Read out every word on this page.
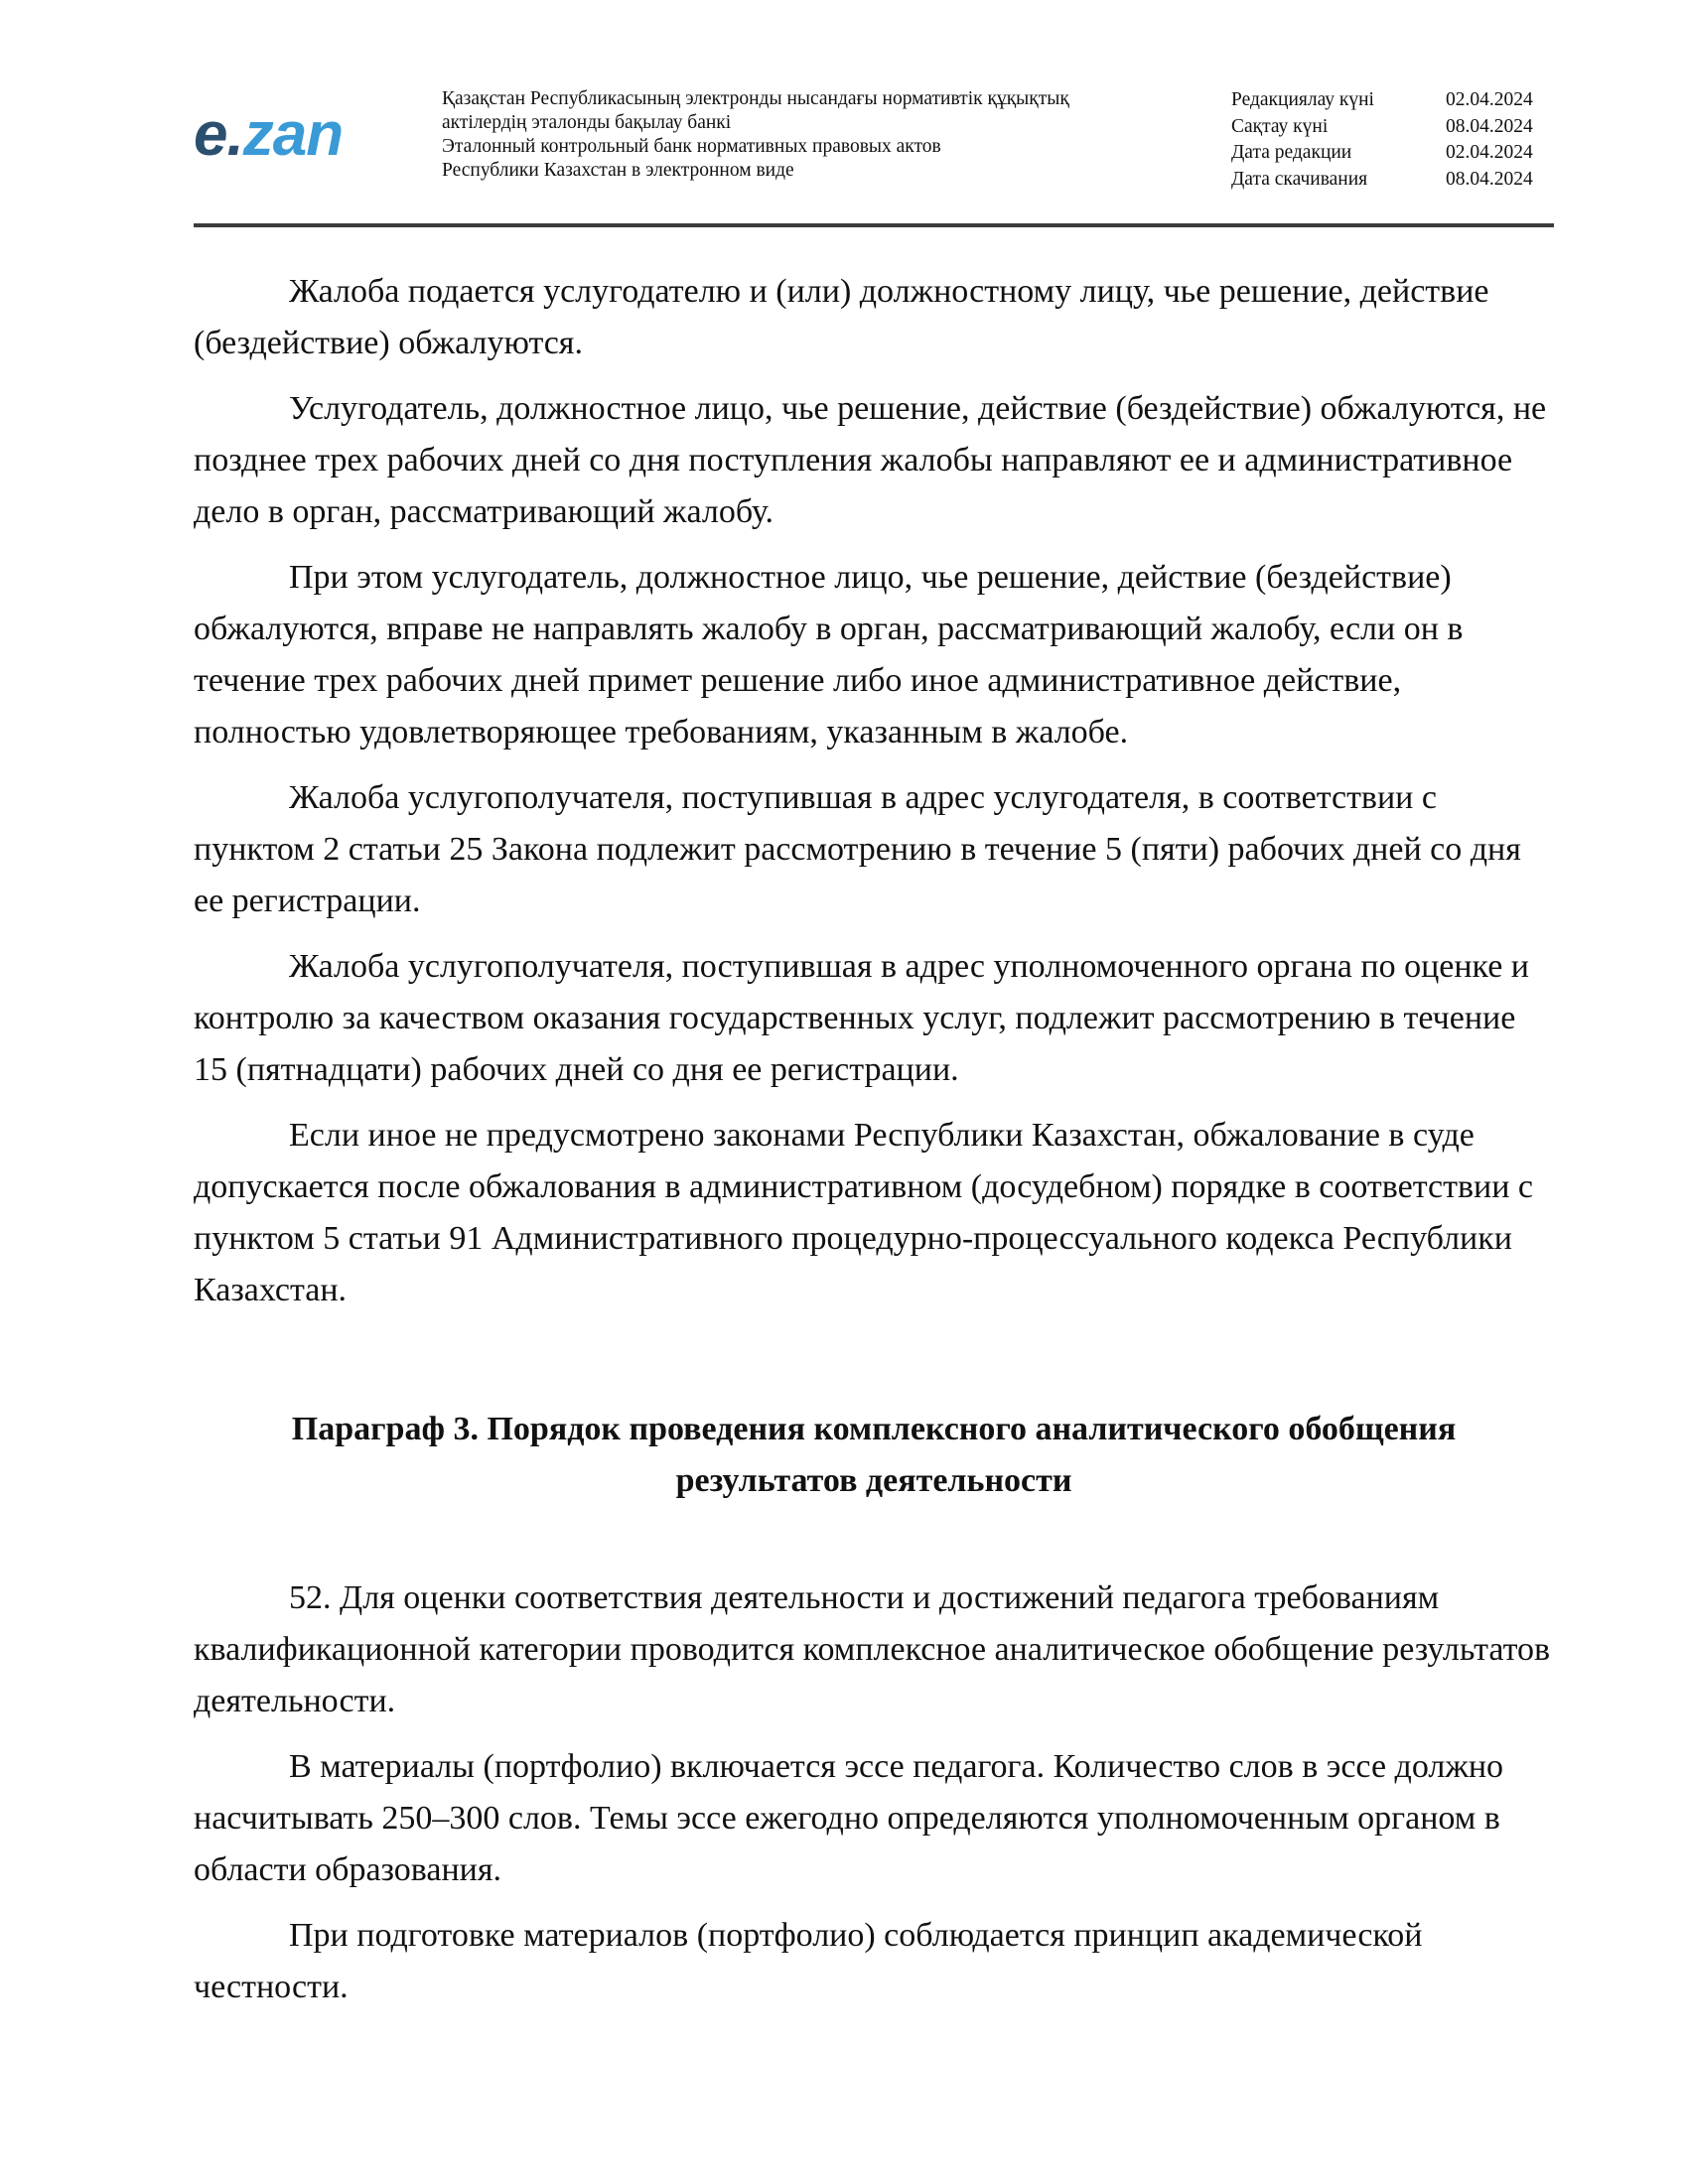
e.zan
Қазақстан Республикасының электронды нысандағы нормативтік құқықтық
актілердің эталонды бақылау банкі
Эталонный контрольный банк нормативных правовых актов
Республики Казахстан в электронном виде
Редакциялау күні	02.04.2024
Сақтау күні	08.04.2024
Дата редакции	02.04.2024
Дата скачивания	08.04.2024

Жалоба подается услугодателю и (или) должностному лицу, чье решение, действие (бездействие) обжалуются.

Услугодатель, должностное лицо, чье решение, действие (бездействие) обжалуются, не позднее трех рабочих дней со дня поступления жалобы направляют ее и административное дело в орган, рассматривающий жалобу.

При этом услугодатель, должностное лицо, чье решение, действие (бездействие) обжалуются, вправе не направлять жалобу в орган, рассматривающий жалобу, если он в течение трех рабочих дней примет решение либо иное административное действие, полностью удовлетворяющее требованиям, указанным в жалобе.

Жалоба услугополучателя, поступившая в адрес услугодателя, в соответствии с пунктом 2 статьи 25 Закона подлежит рассмотрению в течение 5 (пяти) рабочих дней со дня ее регистрации.

Жалоба услугополучателя, поступившая в адрес уполномоченного органа по оценке и контролю за качеством оказания государственных услуг, подлежит рассмотрению в течение 15 (пятнадцати) рабочих дней со дня ее регистрации.

Если иное не предусмотрено законами Республики Казахстан, обжалование в суде допускается после обжалования в административном (досудебном) порядке в соответствии с пунктом 5 статьи 91 Административного процедурно-процессуального кодекса Республики Казахстан.

Параграф 3. Порядок проведения комплексного аналитического обобщения
результатов деятельности

52. Для оценки соответствия деятельности и достижений педагога требованиям квалификационной категории проводится комплексное аналитическое обобщение результатов деятельности.

В материалы (портфолио) включается эссе педагога. Количество слов в эссе должно насчитывать 250–300 слов. Темы эссе ежегодно определяются уполномоченным органом в области образования.

При подготовке материалов (портфолио) соблюдается принцип академической честности.
